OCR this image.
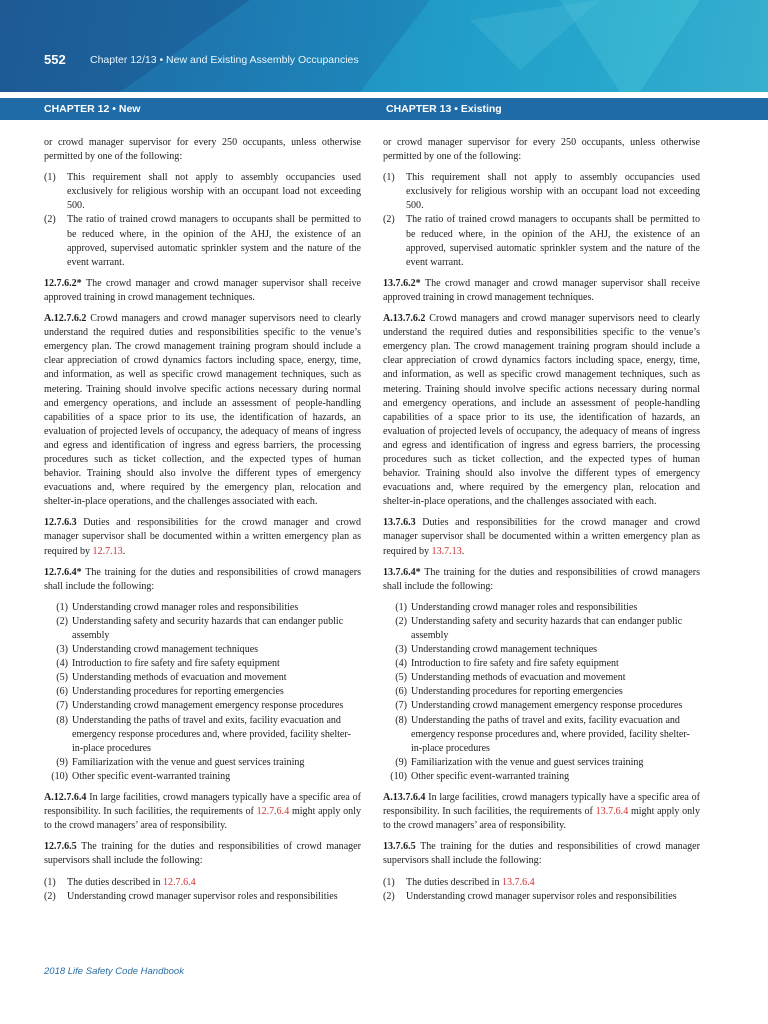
552 Chapter 12/13 • New and Existing Assembly Occupancies
CHAPTER 12 • New	CHAPTER 13 • Existing

or crowd manager supervisor for every 250 occupants, unless otherwise permitted by one of the following:

(1) This requirement shall not apply to assembly occupancies used exclusively for religious worship with an occupant load not exceeding 500.
(2) The ratio of trained crowd managers to occupants shall be permitted to be reduced where, in the opinion of the AHJ, the existence of an approved, supervised automatic sprinkler system and the nature of the event warrant.

12.7.6.2* The crowd manager and crowd manager supervisor shall receive approved training in crowd management techniques.

A.12.7.6.2 Crowd managers and crowd manager supervisors need to clearly understand the required duties and responsibilities specific to the venue’s emergency plan. The crowd management training program should include a clear appreciation of crowd dynamics factors including space, energy, time, and information, as well as specific crowd management techniques, such as metering. Training should involve specific actions necessary during normal and emergency operations, and include an assessment of people-handling capabilities of a space prior to its use, the identification of hazards, an evaluation of projected levels of occupancy, the adequacy of means of ingress and egress and identification of ingress and egress barriers, the processing procedures such as ticket collection, and the expected types of human behavior. Training should also involve the different types of emergency evacuations and, where required by the emergency plan, relocation and shelter-in-place operations, and the challenges associated with each.

12.7.6.3 Duties and responsibilities for the crowd manager and crowd manager supervisor shall be documented within a written emergency plan as required by 12.7.13.

12.7.6.4* The training for the duties and responsibilities of crowd managers shall include the following:

(1) Understanding crowd manager roles and responsibilities
(2) Understanding safety and security hazards that can endanger public assembly
(3) Understanding crowd management techniques
(4) Introduction to fire safety and fire safety equipment
(5) Understanding methods of evacuation and movement
(6) Understanding procedures for reporting emergencies
(7) Understanding crowd management emergency response procedures
(8) Understanding the paths of travel and exits, facility evacuation and emergency response procedures and, where provided, facility shelter-in-place procedures
(9) Familiarization with the venue and guest services training
(10) Other specific event-warranted training

A.12.7.6.4 In large facilities, crowd managers typically have a specific area of responsibility. In such facilities, the requirements of 12.7.6.4 might apply only to the crowd managers’ area of responsibility.

12.7.6.5 The training for the duties and responsibilities of crowd manager supervisors shall include the following:

(1) The duties described in 12.7.6.4
(2) Understanding crowd manager supervisor roles and responsibilities

or crowd manager supervisor for every 250 occupants, unless otherwise permitted by one of the following:

(1) This requirement shall not apply to assembly occupancies used exclusively for religious worship with an occupant load not exceeding 500.
(2) The ratio of trained crowd managers to occupants shall be permitted to be reduced where, in the opinion of the AHJ, the existence of an approved, supervised automatic sprinkler system and the nature of the event warrant.

13.7.6.2* The crowd manager and crowd manager supervisor shall receive approved training in crowd management techniques.

A.13.7.6.2 Crowd managers and crowd manager supervisors need to clearly understand the required duties and responsibilities specific to the venue’s emergency plan. The crowd management training program should include a clear appreciation of crowd dynamics factors including space, energy, time, and information, as well as specific crowd management techniques, such as metering. Training should involve specific actions necessary during normal and emergency operations, and include an assessment of people-handling capabilities of a space prior to its use, the identification of hazards, an evaluation of projected levels of occupancy, the adequacy of means of ingress and egress and identification of ingress and egress barriers, the processing procedures such as ticket collection, and the expected types of human behavior. Training should also involve the different types of emergency evacuations and, where required by the emergency plan, relocation and shelter-in-place operations, and the challenges associated with each.

13.7.6.3 Duties and responsibilities for the crowd manager and crowd manager supervisor shall be documented within a written emergency plan as required by 13.7.13.

13.7.6.4* The training for the duties and responsibilities of crowd managers shall include the following:

(1) Understanding crowd manager roles and responsibilities
(2) Understanding safety and security hazards that can endanger public assembly
(3) Understanding crowd management techniques
(4) Introduction to fire safety and fire safety equipment
(5) Understanding methods of evacuation and movement
(6) Understanding procedures for reporting emergencies
(7) Understanding crowd management emergency response procedures
(8) Understanding the paths of travel and exits, facility evacuation and emergency response procedures and, where provided, facility shelter-in-place procedures
(9) Familiarization with the venue and guest services training
(10) Other specific event-warranted training

A.13.7.6.4 In large facilities, crowd managers typically have a specific area of responsibility. In such facilities, the requirements of 13.7.6.4 might apply only to the crowd managers’ area of responsibility.

13.7.6.5 The training for the duties and responsibilities of crowd manager supervisors shall include the following:

(1) The duties described in 13.7.6.4
(2) Understanding crowd manager supervisor roles and responsibilities
2018 Life Safety Code Handbook
